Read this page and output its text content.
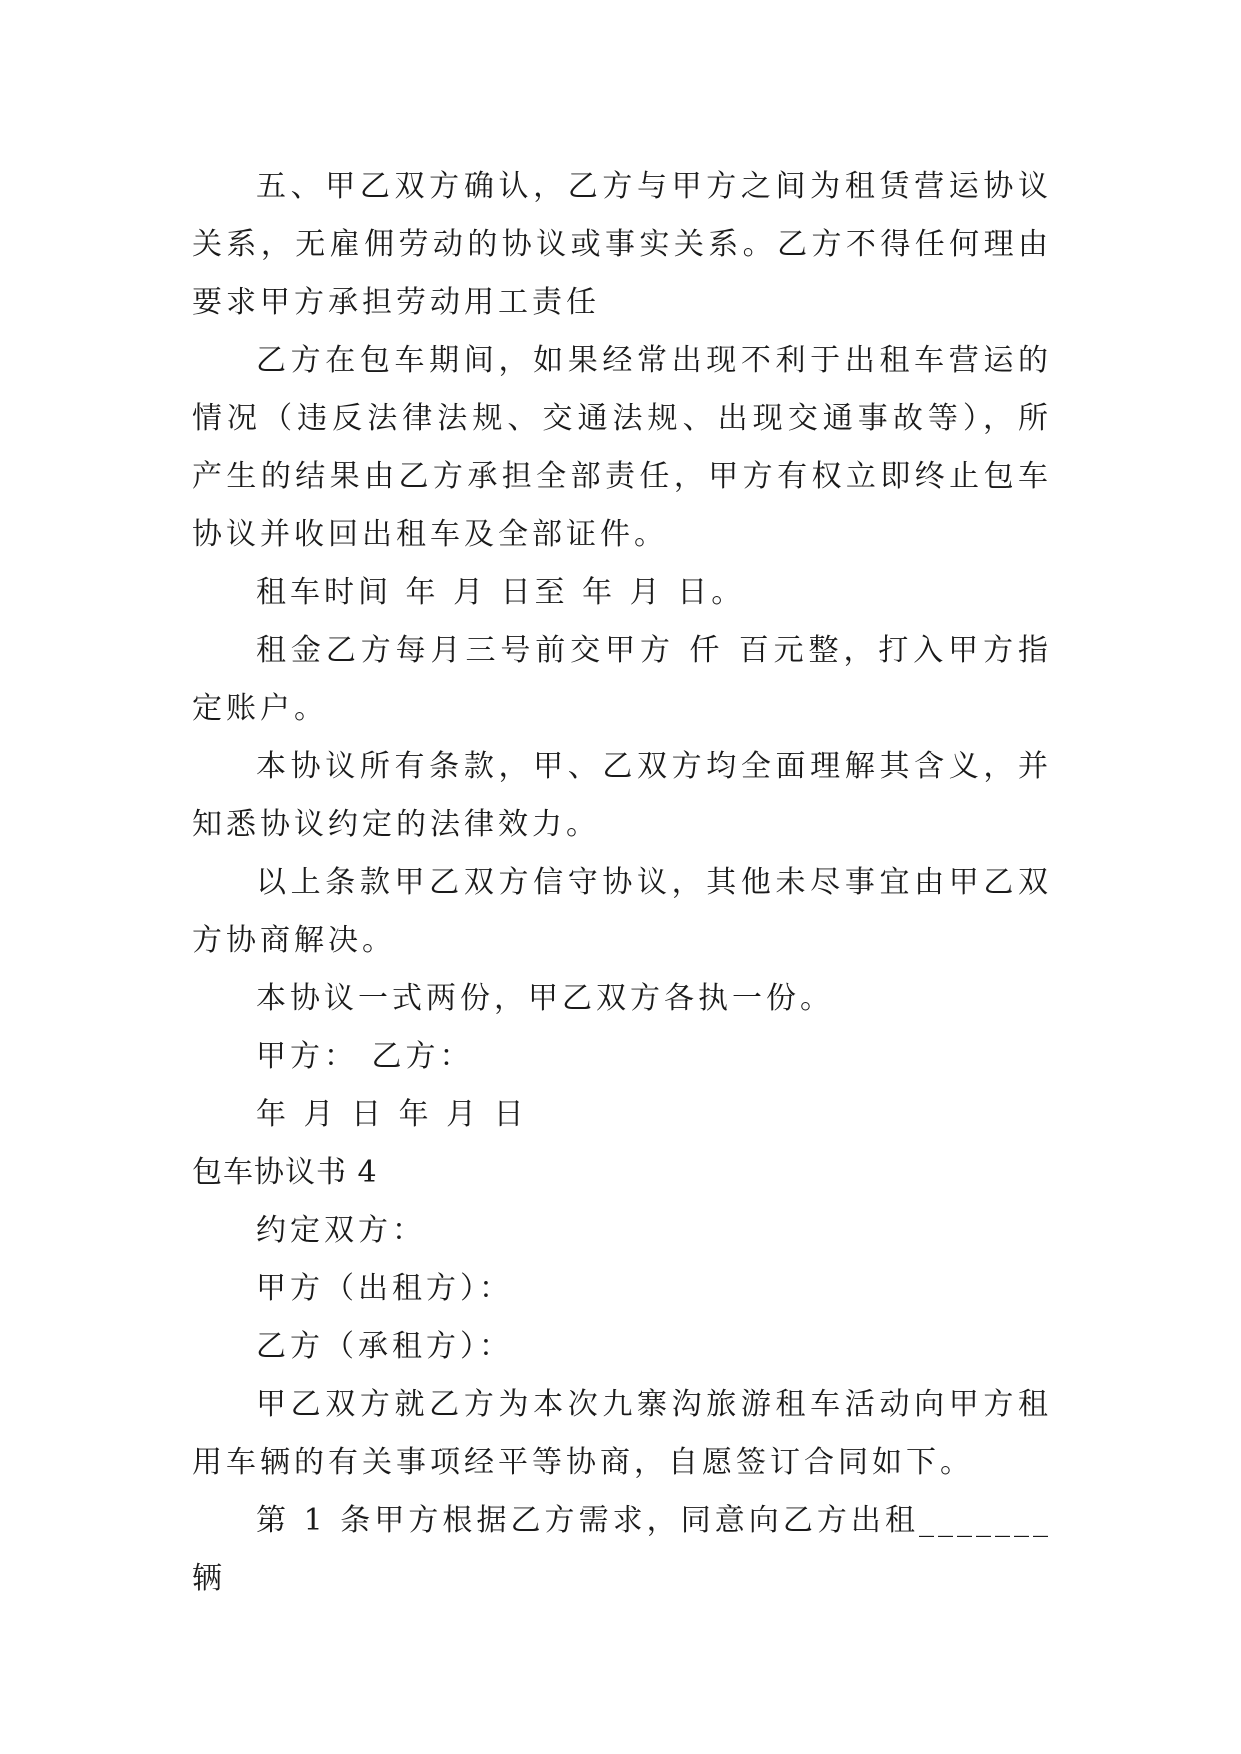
五、甲乙双方确认，乙方与甲方之间为租赁营运协议关系，无雇佣劳动的协议或事实关系。乙方不得任何理由要求甲方承担劳动用工责任

乙方在包车期间，如果经常出现不利于出租车营运的情况（违反法律法规、交通法规、出现交通事故等），所产生的结果由乙方承担全部责任，甲方有权立即终止包车协议并收回出租车及全部证件。

租车时间 年 月 日至 年 月 日。

租金乙方每月三号前交甲方 仟 百元整，打入甲方指定账户。

本协议所有条款，甲、乙双方均全面理解其含义，并知悉协议约定的法律效力。

以上条款甲乙双方信守协议，其他未尽事宜由甲乙双方协商解决。

本协议一式两份，甲乙双方各执一份。

甲方： 乙方：

年 月 日 年 月 日

包车协议书 4

约定双方：

甲方（出租方）：

乙方（承租方）：

甲乙双方就乙方为本次九寨沟旅游租车活动向甲方租用车辆的有关事项经平等协商，自愿签订合同如下。

第 1 条甲方根据乙方需求，同意向乙方出租_______辆
